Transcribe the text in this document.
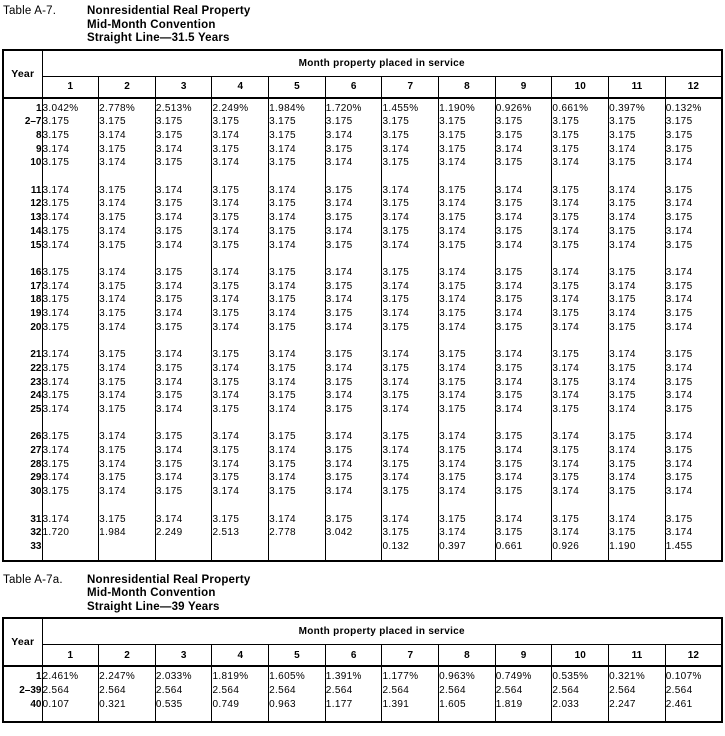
Table A-7.	Nonresidential Real Property
Mid-Month Convention
Straight Line—31.5 Years
Year	Month property placed in service											
	1	2	3	4	5	6	7	8	9	10	11	12

1	3.042%	2.778%	2.513%	2.249%	1.984%	1.720%	1.455%	1.190%	0.926%	0.661%	0.397%	0.132%
2–7	3.175	3.175	3.175	3.175	3.175	3.175	3.175	3.175	3.175	3.175	3.175	3.175
8	3.175	3.174	3.175	3.174	3.175	3.174	3.175	3.175	3.175	3.175	3.175	3.175
9	3.174	3.175	3.174	3.175	3.174	3.175	3.174	3.175	3.174	3.175	3.174	3.175
10	3.175	3.174	3.175	3.174	3.175	3.174	3.175	3.174	3.175	3.174	3.175	3.174

11	3.174	3.175	3.174	3.175	3.174	3.175	3.174	3.175	3.174	3.175	3.174	3.175
12	3.175	3.174	3.175	3.174	3.175	3.174	3.175	3.174	3.175	3.174	3.175	3.174
13	3.174	3.175	3.174	3.175	3.174	3.175	3.174	3.175	3.174	3.175	3.174	3.175
14	3.175	3.174	3.175	3.174	3.175	3.174	3.175	3.174	3.175	3.174	3.175	3.174
15	3.174	3.175	3.174	3.175	3.174	3.175	3.174	3.175	3.174	3.175	3.174	3.175

16	3.175	3.174	3.175	3.174	3.175	3.174	3.175	3.174	3.175	3.174	3.175	3.174
17	3.174	3.175	3.174	3.175	3.174	3.175	3.174	3.175	3.174	3.175	3.174	3.175
18	3.175	3.174	3.175	3.174	3.175	3.174	3.175	3.174	3.175	3.174	3.175	3.174
19	3.174	3.175	3.174	3.175	3.174	3.175	3.174	3.175	3.174	3.175	3.174	3.175
20	3.175	3.174	3.175	3.174	3.175	3.174	3.175	3.174	3.175	3.174	3.175	3.174

21	3.174	3.175	3.174	3.175	3.174	3.175	3.174	3.175	3.174	3.175	3.174	3.175
22	3.175	3.174	3.175	3.174	3.175	3.174	3.175	3.174	3.175	3.174	3.175	3.174
23	3.174	3.175	3.174	3.175	3.174	3.175	3.174	3.175	3.174	3.175	3.174	3.175
24	3.175	3.174	3.175	3.174	3.175	3.174	3.175	3.174	3.175	3.174	3.175	3.174
25	3.174	3.175	3.174	3.175	3.174	3.175	3.174	3.175	3.174	3.175	3.174	3.175

26	3.175	3.174	3.175	3.174	3.175	3.174	3.175	3.174	3.175	3.174	3.175	3.174
27	3.174	3.175	3.174	3.175	3.174	3.175	3.174	3.175	3.174	3.175	3.174	3.175
28	3.175	3.174	3.175	3.174	3.175	3.174	3.175	3.174	3.175	3.174	3.175	3.174
29	3.174	3.175	3.174	3.175	3.174	3.175	3.174	3.175	3.174	3.175	3.174	3.175
30	3.175	3.174	3.175	3.174	3.175	3.174	3.175	3.174	3.175	3.174	3.175	3.174

31	3.174	3.175	3.174	3.175	3.174	3.175	3.174	3.175	3.174	3.175	3.174	3.175
32	1.720	1.984	2.249	2.513	2.778	3.042	3.175	3.174	3.175	3.174	3.175	3.174
33							0.132	0.397	0.661	0.926	1.190	1.455

Table A-7a.	Nonresidential Real Property
Mid-Month Convention
Straight Line—39 Years
Year	Month property placed in service											
	1	2	3	4	5	6	7	8	9	10	11	12

1	2.461%	2.247%	2.033%	1.819%	1.605%	1.391%	1.177%	0.963%	0.749%	0.535%	0.321%	0.107%
2–39	2.564	2.564	2.564	2.564	2.564	2.564	2.564	2.564	2.564	2.564	2.564	2.564
40	0.107	0.321	0.535	0.749	0.963	1.177	1.391	1.605	1.819	2.033	2.247	2.461
